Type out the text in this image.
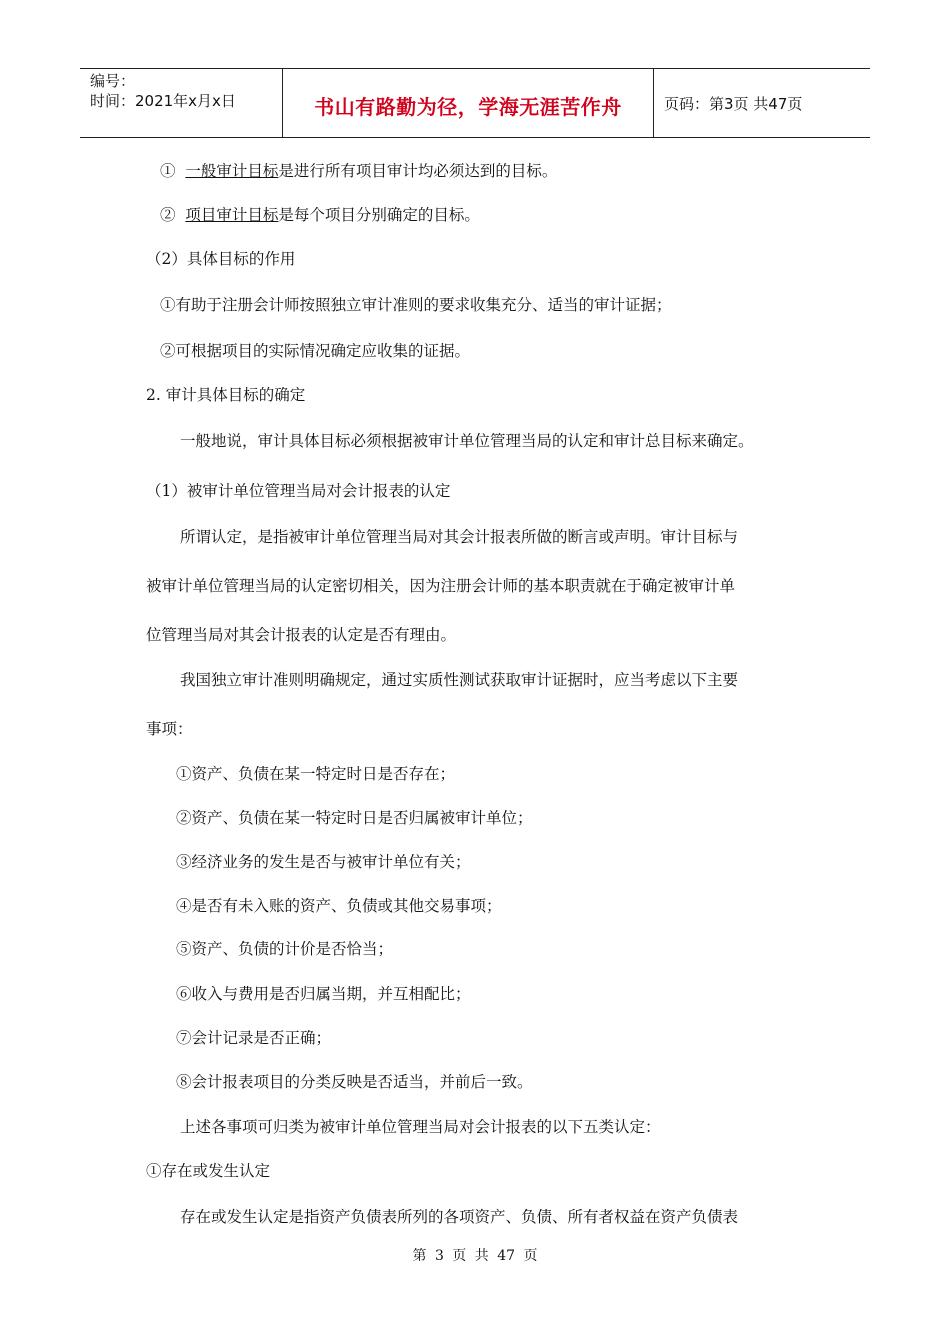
编号：
时间：2021年x月x日	书山有路勤为径，学海无涯苦作舟	页码：第3页 共47页
① 一般审计目标是进行所有项目审计均必须达到的目标。
② 项目审计目标是每个项目分别确定的目标。
（2）具体目标的作用
①有助于注册会计师按照独立审计准则的要求收集充分、适当的审计证据；
②可根据项目的实际情况确定应收集的证据。
2. 审计具体目标的确定
一般地说，审计具体目标必须根据被审计单位管理当局的认定和审计总目标来确定。
（1）被审计单位管理当局对会计报表的认定
所谓认定，是指被审计单位管理当局对其会计报表所做的断言或声明。审计目标与
被审计单位管理当局的认定密切相关，因为注册会计师的基本职责就在于确定被审计单
位管理当局对其会计报表的认定是否有理由。
我国独立审计准则明确规定，通过实质性测试获取审计证据时，应当考虑以下主要
事项：
①资产、负债在某一特定时日是否存在；
②资产、负债在某一特定时日是否归属被审计单位；
③经济业务的发生是否与被审计单位有关；
④是否有未入账的资产、负债或其他交易事项；
⑤资产、负债的计价是否恰当；
⑥收入与费用是否归属当期，并互相配比；
⑦会计记录是否正确；
⑧会计报表项目的分类反映是否适当，并前后一致。
上述各事项可归类为被审计单位管理当局对会计报表的以下五类认定：
①存在或发生认定
存在或发生认定是指资产负债表所列的各项资产、负债、所有者权益在资产负债表
第 3 页 共 47 页
